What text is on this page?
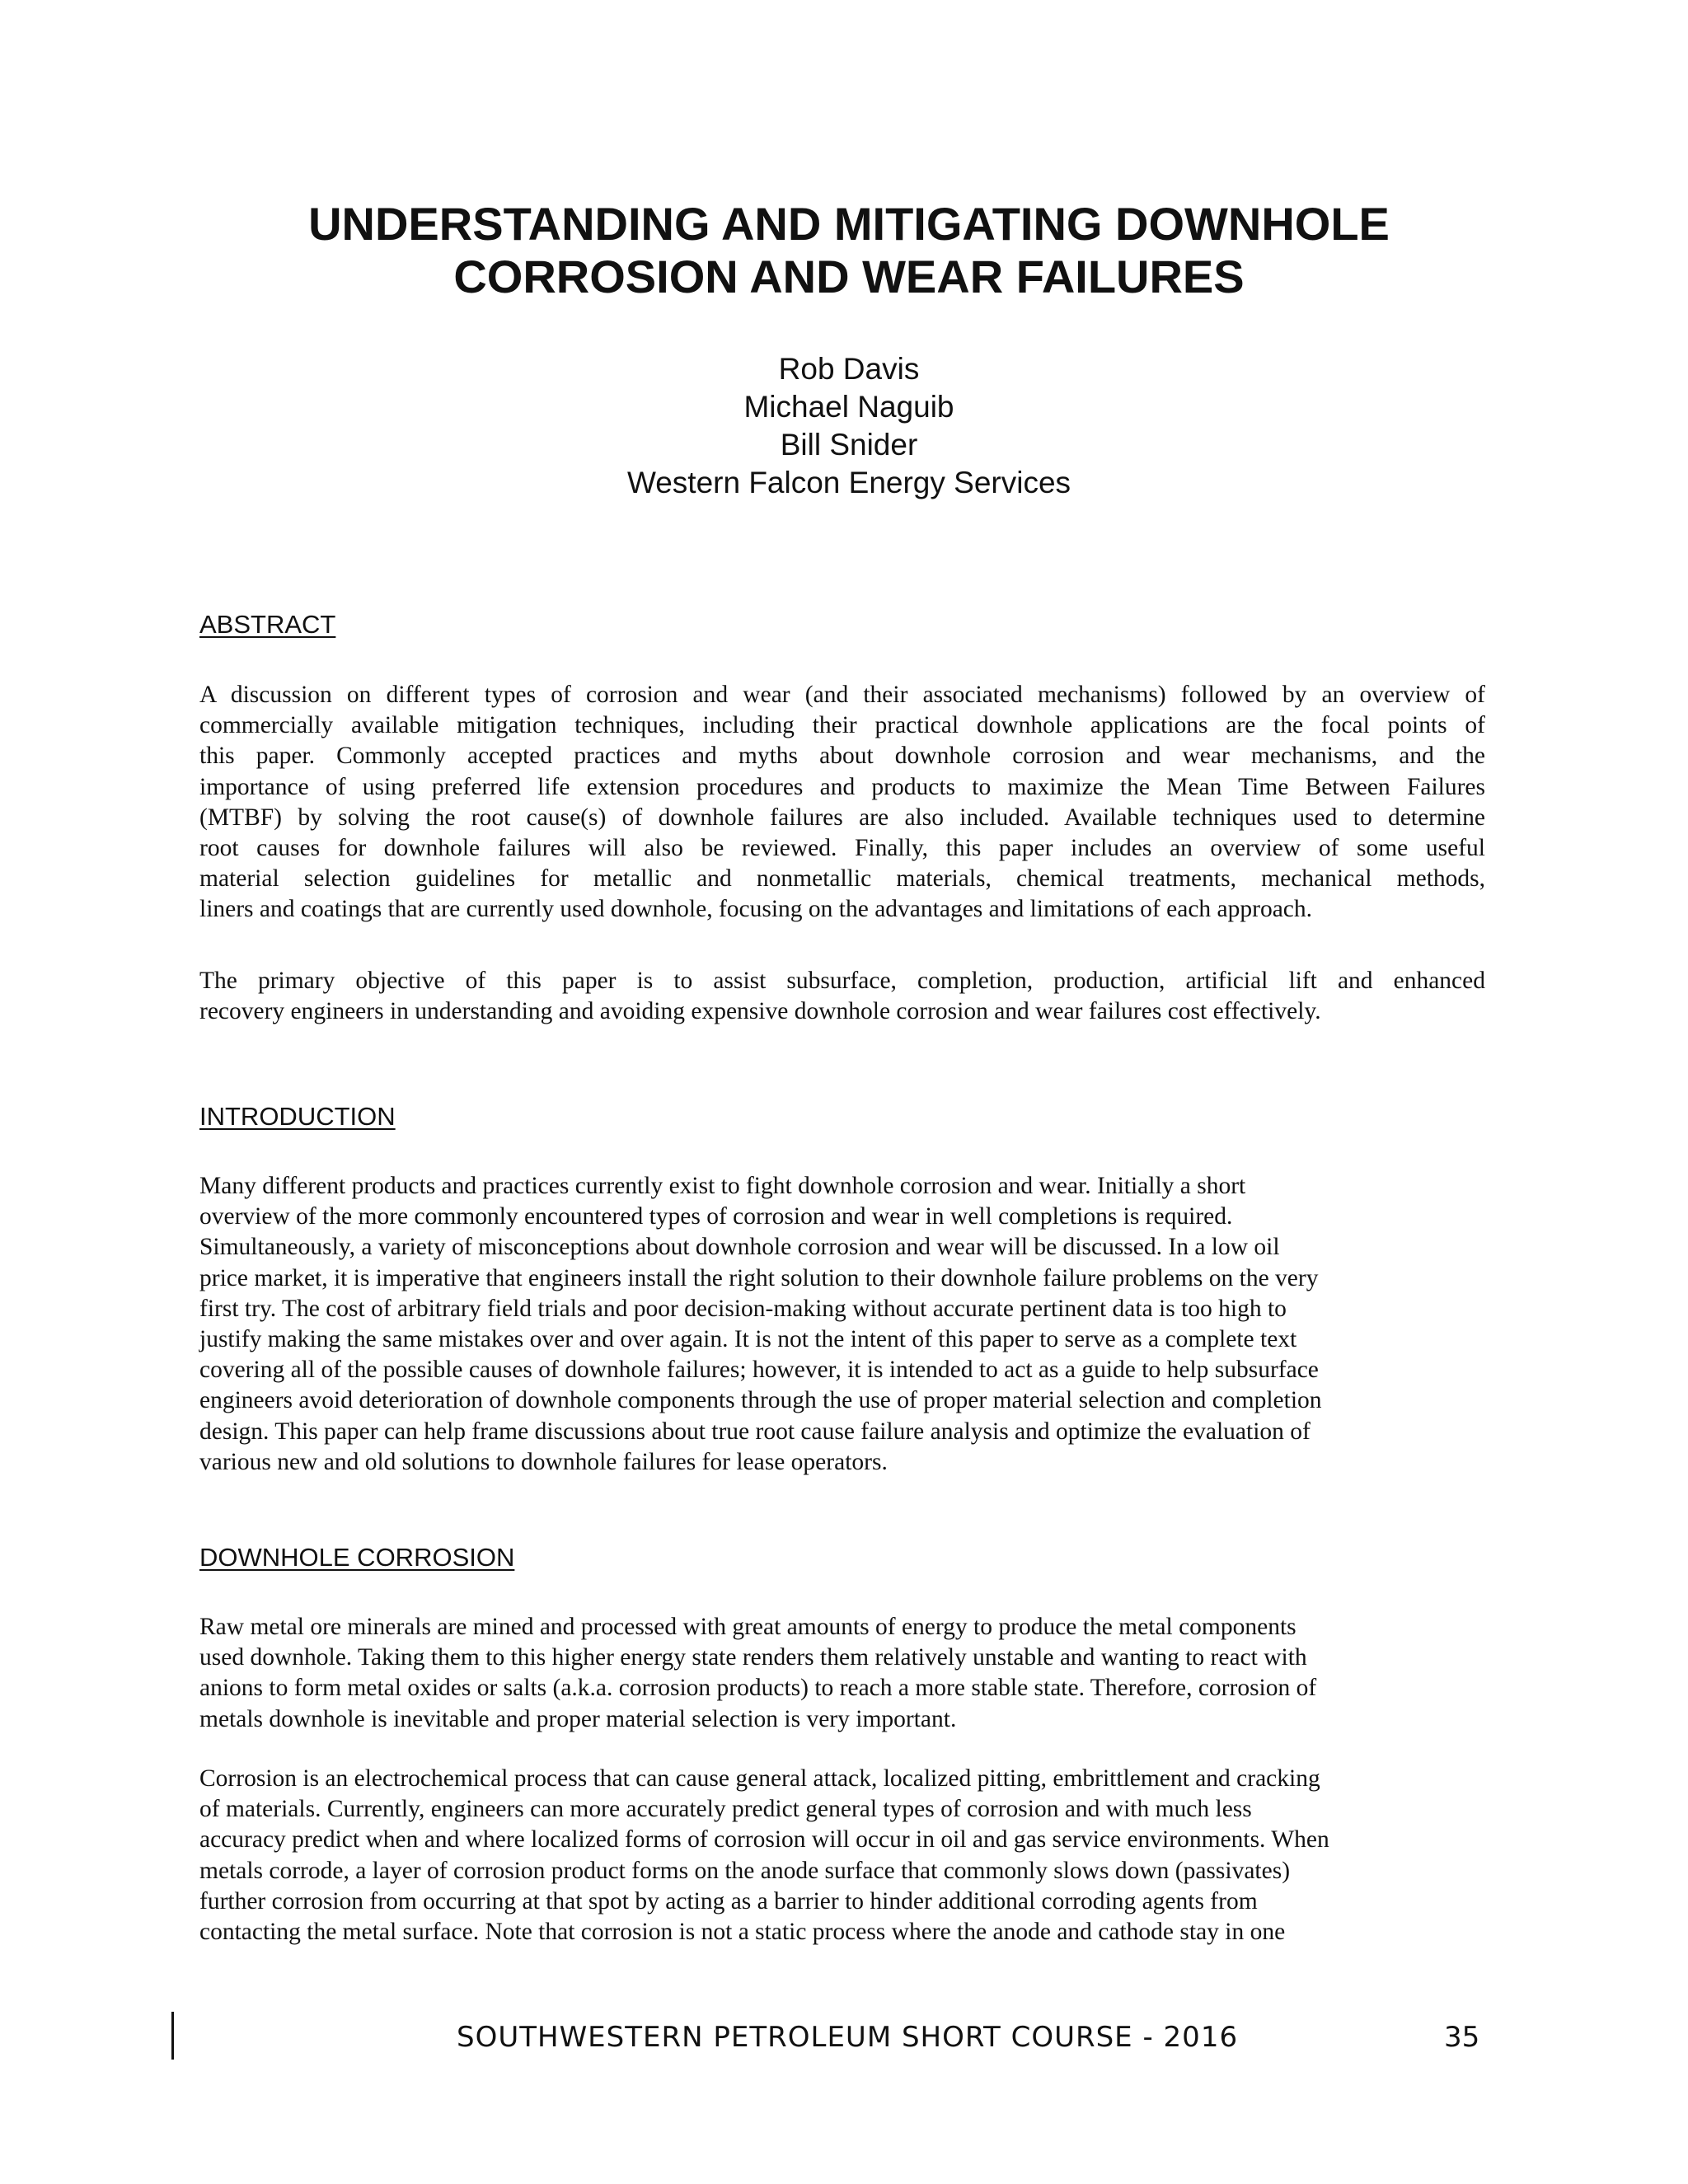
UNDERSTANDING AND MITIGATING DOWNHOLE
CORROSION AND WEAR FAILURES
Rob Davis
Michael Naguib
Bill Snider
Western Falcon Energy Services
ABSTRACT
A discussion on different types of corrosion and wear (and their associated mechanisms) followed by an overview of
commercially available mitigation techniques, including their practical downhole applications are the focal points of
this paper. Commonly accepted practices and myths about downhole corrosion and wear mechanisms, and the
importance of using preferred life extension procedures and products to maximize the Mean Time Between Failures
(MTBF) by solving the root cause(s) of downhole failures are also included. Available techniques used to determine
root causes for downhole failures will also be reviewed. Finally, this paper includes an overview of some useful
material selection guidelines for metallic and nonmetallic materials, chemical treatments, mechanical methods,
liners and coatings that are currently used downhole, focusing on the advantages and limitations of each approach.
The primary objective of this paper is to assist subsurface, completion, production, artificial lift and enhanced
recovery engineers in understanding and avoiding expensive downhole corrosion and wear failures cost effectively.
INTRODUCTION
Many different products and practices currently exist to fight downhole corrosion and wear. Initially a short
overview of the more commonly encountered types of corrosion and wear in well completions is required.
Simultaneously, a variety of misconceptions about downhole corrosion and wear will be discussed. In a low oil
price market, it is imperative that engineers install the right solution to their downhole failure problems on the very
first try. The cost of arbitrary field trials and poor decision-making without accurate pertinent data is too high to
justify making the same mistakes over and over again. It is not the intent of this paper to serve as a complete text
covering all of the possible causes of downhole failures; however, it is intended to act as a guide to help subsurface
engineers avoid deterioration of downhole components through the use of proper material selection and completion
design. This paper can help frame discussions about true root cause failure analysis and optimize the evaluation of
various new and old solutions to downhole failures for lease operators.
DOWNHOLE CORROSION
Raw metal ore minerals are mined and processed with great amounts of energy to produce the metal components
used downhole. Taking them to this higher energy state renders them relatively unstable and wanting to react with
anions to form metal oxides or salts (a.k.a. corrosion products) to reach a more stable state. Therefore, corrosion of
metals downhole is inevitable and proper material selection is very important.
Corrosion is an electrochemical process that can cause general attack, localized pitting, embrittlement and cracking
of materials. Currently, engineers can more accurately predict general types of corrosion and with much less
accuracy predict when and where localized forms of corrosion will occur in oil and gas service environments. When
metals corrode, a layer of corrosion product forms on the anode surface that commonly slows down (passivates)
further corrosion from occurring at that spot by acting as a barrier to hinder additional corroding agents from
contacting the metal surface. Note that corrosion is not a static process where the anode and cathode stay in one
SOUTHWESTERN PETROLEUM SHORT COURSE - 2016	35
